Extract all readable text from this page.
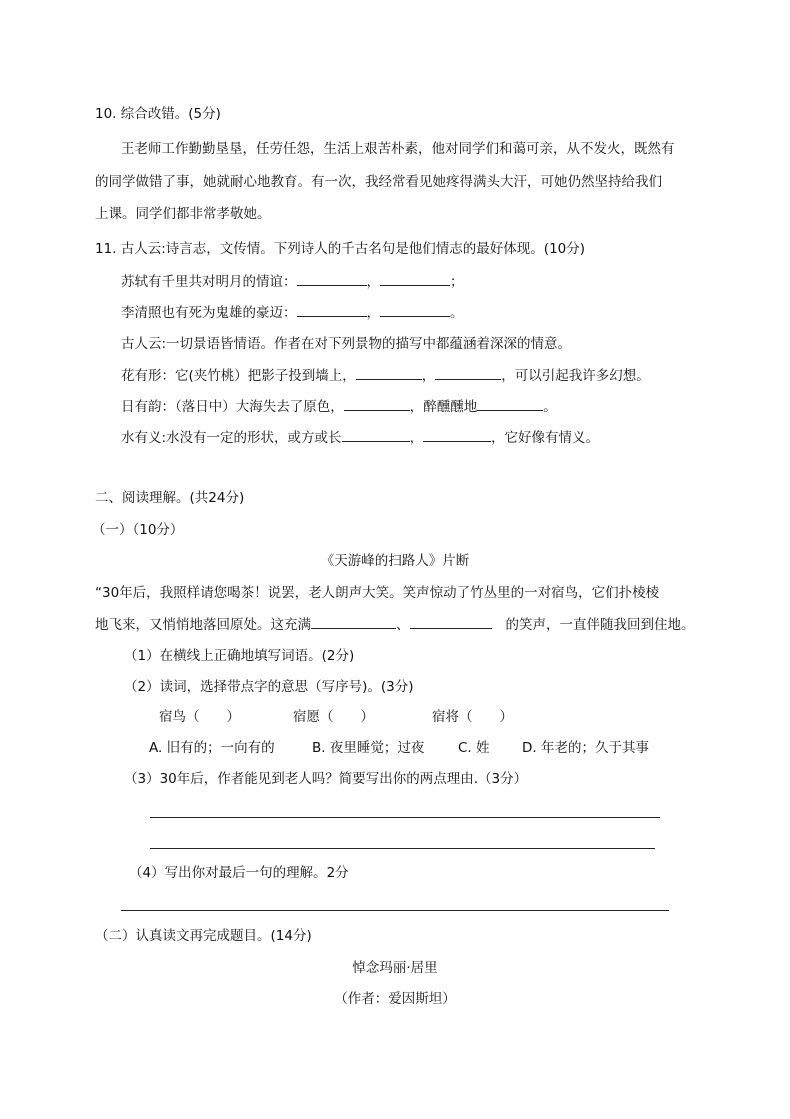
10. 综合改错。(5分)
王老师工作勤勤垦垦，任劳任怨，生活上艰苦朴素，他对同学们和蔼可亲，从不发火，既然有
的同学做错了事，她就耐心地教育。有一次，我经常看见她疼得满头大汗，可她仍然坚持给我们
上课。同学们都非常孝敬她。
11. 古人云:诗言志，文传情。下列诗人的千古名句是他们情志的最好体现。(10分)
苏轼有千里共对明月的情谊：	，	；
李清照也有死为鬼雄的豪迈：	，	。
古人云:一切景语皆情语。作者在对下列景物的描写中都蕴涵着深深的情意。
花有形：它(夹竹桃）把影子投到墙上，	，	，可以引起我许多幻想。
日有韵：（落日中）大海失去了原色，	，醉醺醺地	。
水有义:水没有一定的形状，或方或长	，	，它好像有情义。
二、阅读理解。(共24分)
（一）（10分）
《天游峰的扫路人》片断
“30年后，我照样请您喝茶！说罢，老人朗声大笑。笑声惊动了竹丛里的一对宿鸟，它们扑棱棱
地飞来，又悄悄地落回原处。这充满	、	的笑声，一直伴随我回到住地。
（1）在横线上正确地填写词语。(2分)
（2）读词，选择带点字的意思（写序号)。(3分)
宿鸟（　　）	宿愿（　　）	宿将（　　）
A. 旧有的；一向有的	B. 夜里睡觉；过夜 C. 姓 D. 年老的；久于其事
（3）30年后，作者能见到老人吗？简要写出你的两点理由.（3分）
（4）写出你对最后一句的理解。2分
（二）认真读文再完成题目。(14分)
悼念玛丽·居里
（作者：爱因斯坦）
